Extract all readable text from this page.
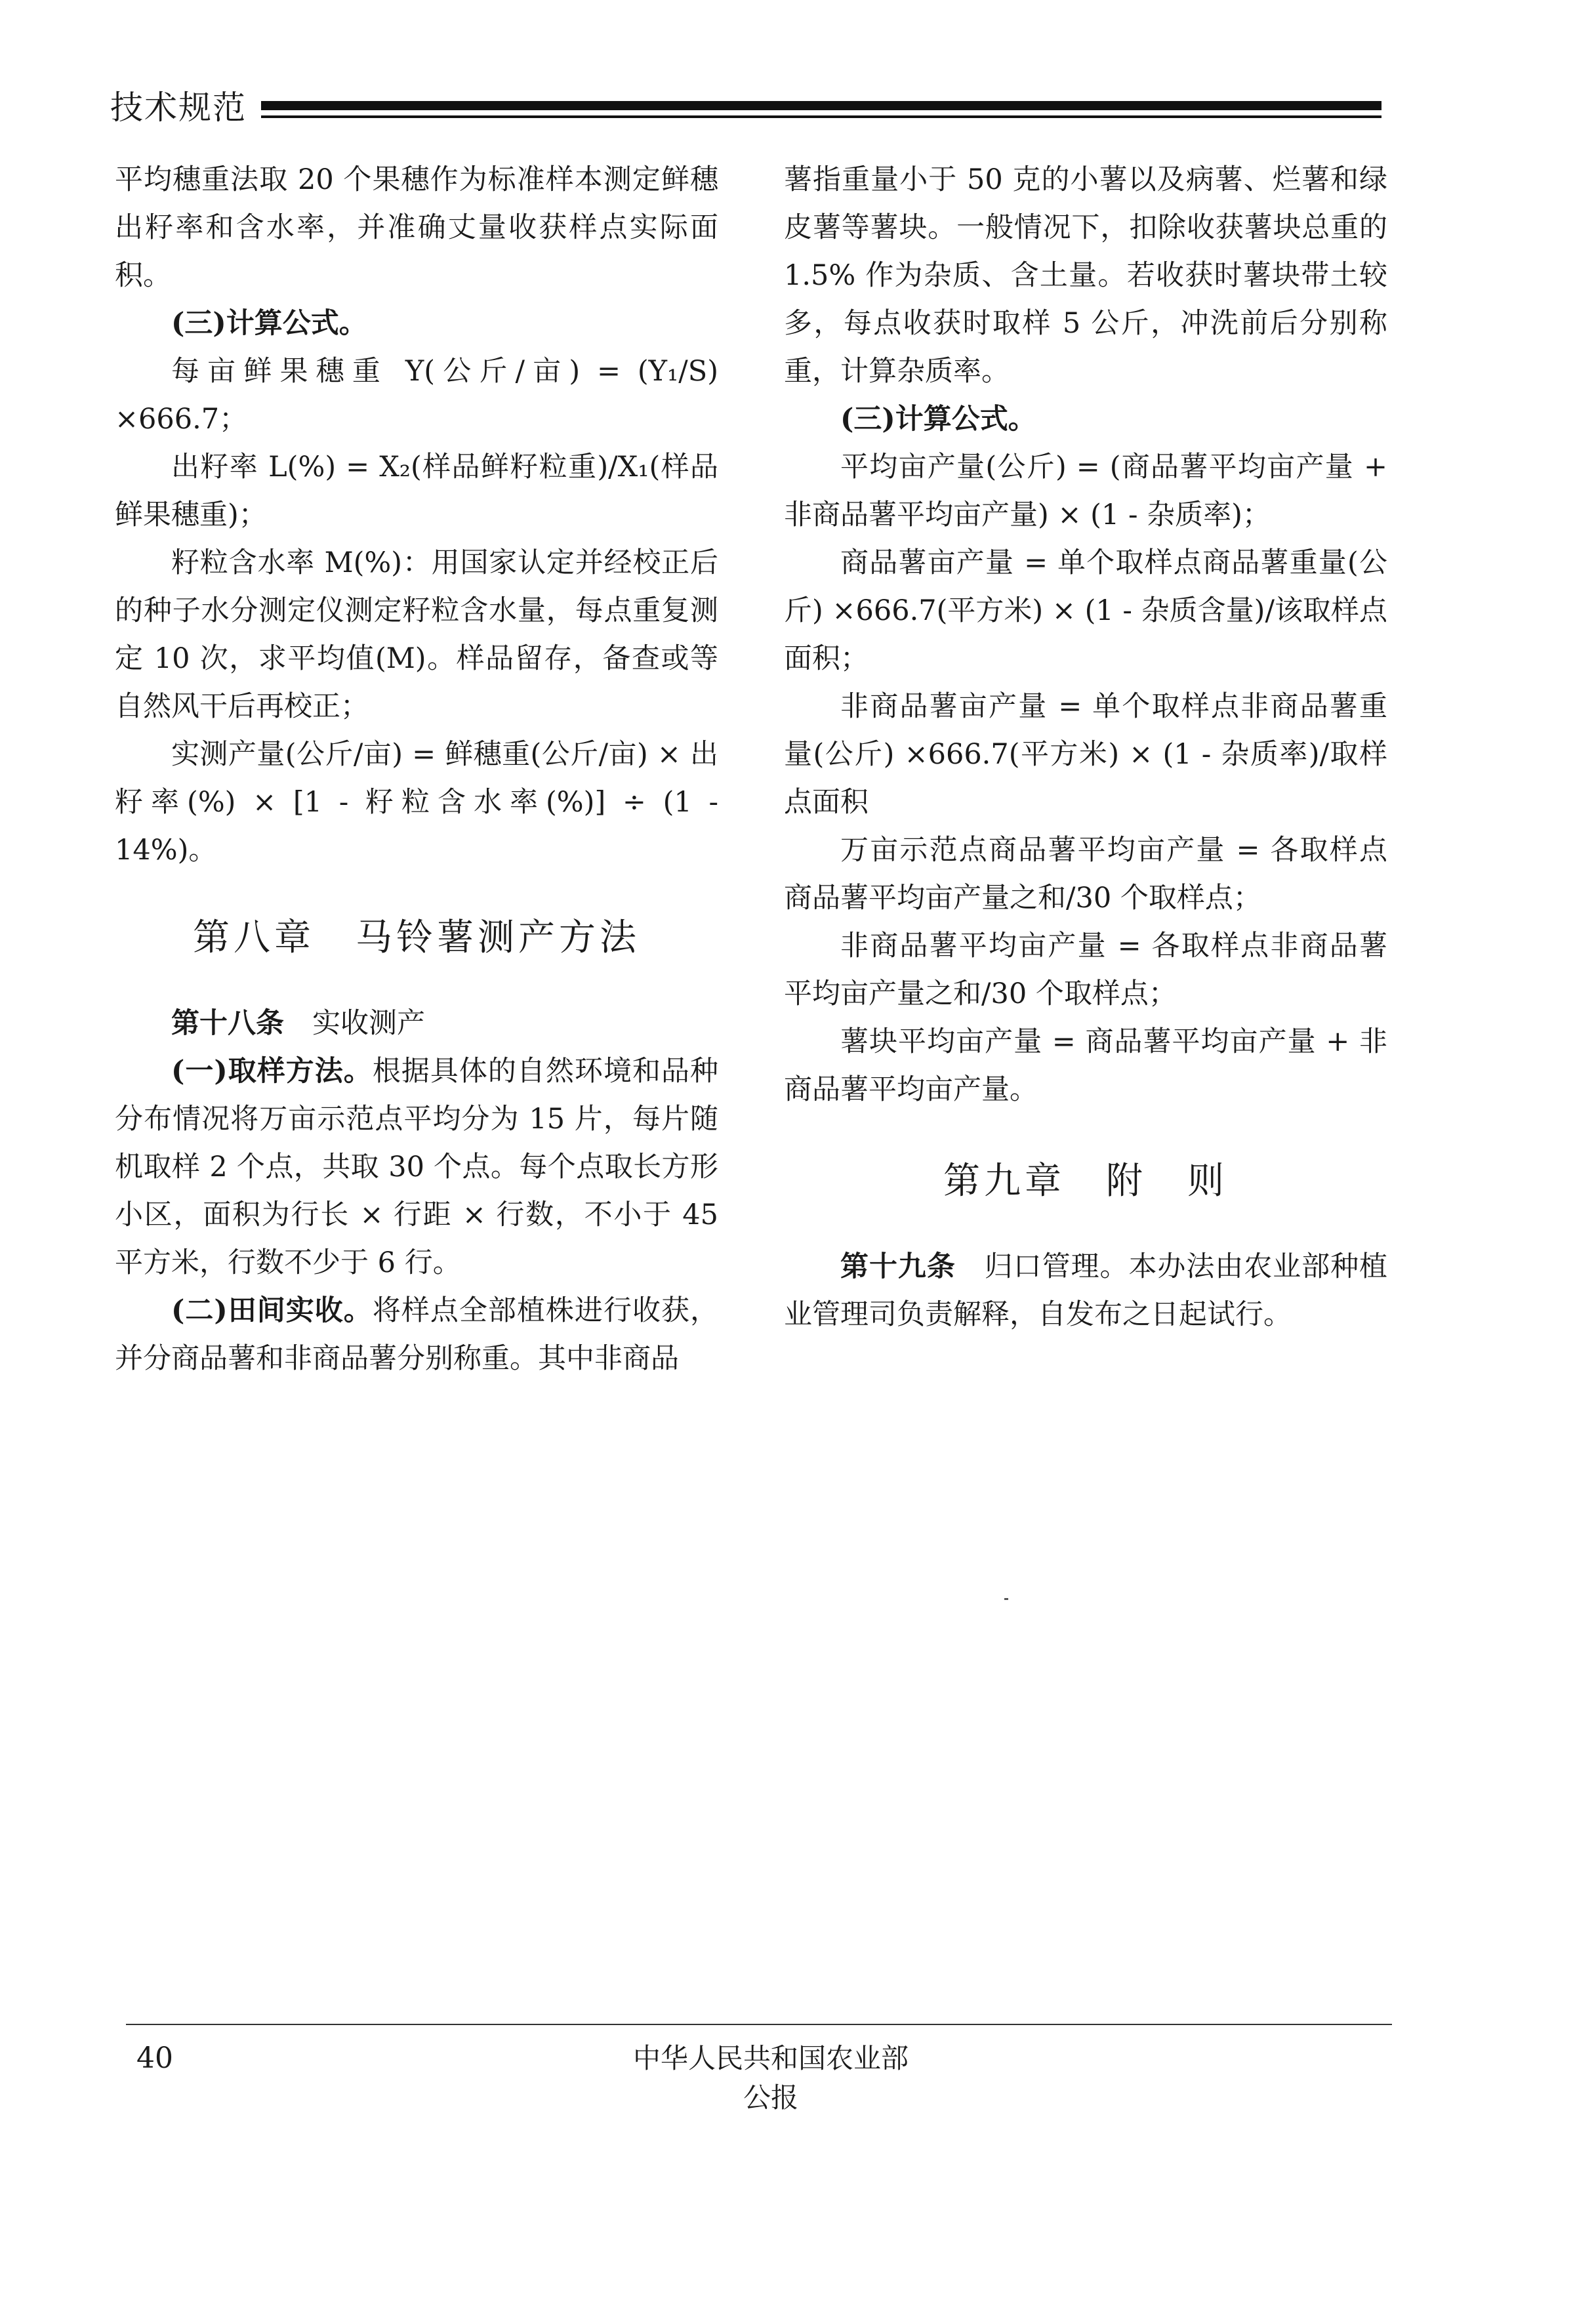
技术规范

平均穗重法取 20 个果穗作为标准样本测定鲜穗出籽率和含水率，并准确丈量收获样点实际面积。

(三)计算公式。

每亩鲜果穗重 Y(公斤/亩) = (Y₁/S) ×666.7；

出籽率 L(%) = X₂(样品鲜籽粒重)/X₁(样品鲜果穗重)；

籽粒含水率 M(%)：用国家认定并经校正后的种子水分测定仪测定籽粒含水量，每点重复测定 10 次，求平均值(M)。样品留存，备查或等自然风干后再校正；

实测产量(公斤/亩) = 鲜穗重(公斤/亩) × 出籽率(%) × [1 - 籽粒含水率(%)] ÷ (1 - 14%)。

第八章　马铃薯测产方法

第十八条　 实收测产

(一)取样方法。根据具体的自然环境和品种分布情况将万亩示范点平均分为 15 片，每片随机取样 2 个点，共取 30 个点。每个点取长方形小区，面积为行长 × 行距 × 行数，不小于 45 平方米，行数不少于 6 行。

(二)田间实收。将样点全部植株进行收获，并分商品薯和非商品薯分别称重。其中非商品

薯指重量小于 50 克的小薯以及病薯、烂薯和绿皮薯等薯块。一般情况下，扣除收获薯块总重的 1.5% 作为杂质、含土量。若收获时薯块带土较多，每点收获时取样 5 公斤，冲洗前后分别称重，计算杂质率。

(三)计算公式。

平均亩产量(公斤) = (商品薯平均亩产量 + 非商品薯平均亩产量) × (1 - 杂质率)；

商品薯亩产量 = 单个取样点商品薯重量(公斤) ×666.7(平方米) × (1 - 杂质含量)/该取样点面积；

非商品薯亩产量 = 单个取样点非商品薯重量(公斤) ×666.7(平方米) × (1 - 杂质率)/取样点面积

万亩示范点商品薯平均亩产量 = 各取样点商品薯平均亩产量之和/30 个取样点；

非商品薯平均亩产量 = 各取样点非商品薯平均亩产量之和/30 个取样点；

薯块平均亩产量 = 商品薯平均亩产量 + 非商品薯平均亩产量。

第九章　附　则

第十九条　 归口管理。本办法由农业部种植业管理司负责解释，自发布之日起试行。

40	中华人民共和国农业部公报
